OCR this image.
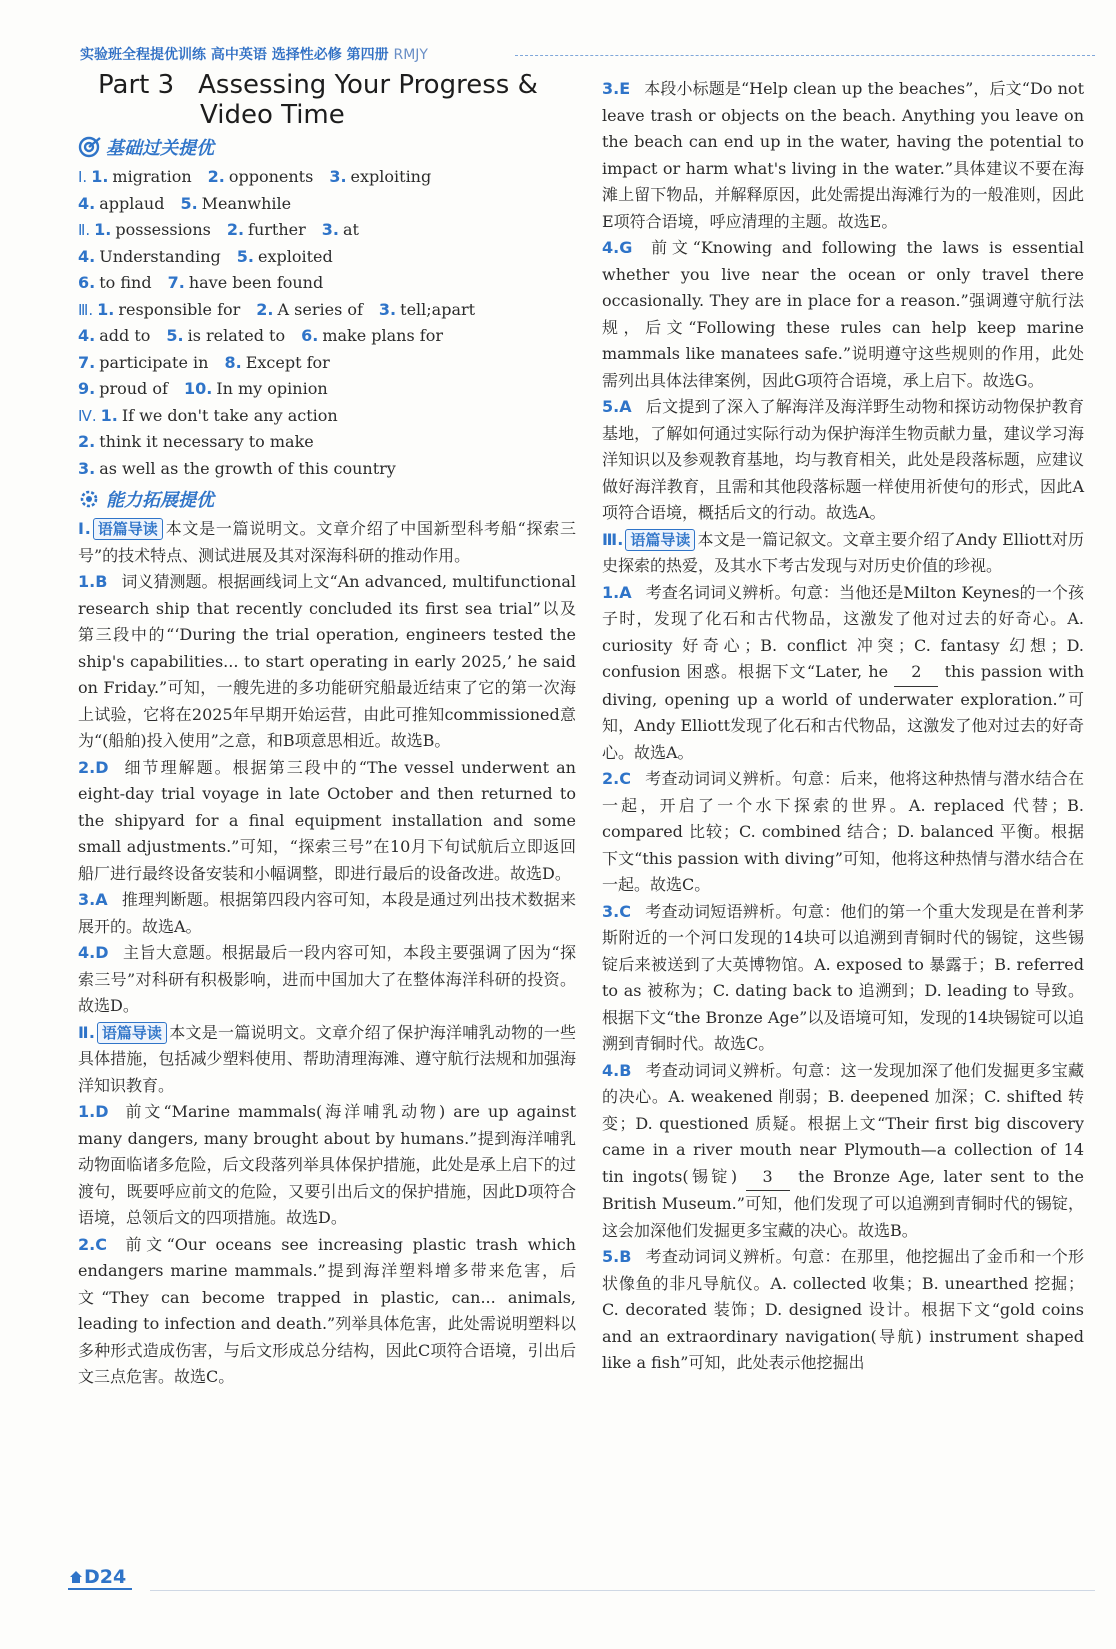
实验班全程提优训练 高中英语 选择性必修 第四册 RMJY
Part 3 Assessing Your Progress &
Video Time
基础过关提优
Ⅰ. 1. migration 2. opponents 3. exploiting
4. applaud 5. Meanwhile
Ⅱ. 1. possessions 2. further 3. at
4. Understanding 5. exploited
6. to find 7. have been found
Ⅲ. 1. responsible for 2. A series of 3. tell;apart
4. add to 5. is related to 6. make plans for
7. participate in 8. Except for
9. proud of 10. In my opinion
Ⅳ. 1. If we don't take any action
2. think it necessary to make
3. as well as the growth of this country
能力拓展提优

Ⅰ. 语篇导读 本文是一篇说明文。文章介绍了中国新型科考船“探索三号”的技术特点、测试进展及其对深海科研的推动作用。

1.B 词义猜测题。根据画线词上文“An advanced, multifunctional research ship that recently concluded its first sea trial”以及第三段中的“‘During the trial operation, engineers tested the ship's capabilities... to start operating in early 2025,’ he said on Friday.”可知，一艘先进的多功能研究船最近结束了它的第一次海上试验，它将在2025年早期开始运营，由此可推知commissioned意为“(船舶)投入使用”之意，和B项意思相近。故选B。

2.D 细节理解题。根据第三段中的“The vessel underwent an eight-day trial voyage in late October and then returned to the shipyard for a final equipment installation and some small adjustments.”可知，“探索三号”在10月下旬试航后立即返回船厂进行最终设备安装和小幅调整，即进行最后的设备改进。故选D。

3.A 推理判断题。根据第四段内容可知，本段是通过列出技术数据来展开的。故选A。

4.D 主旨大意题。根据最后一段内容可知，本段主要强调了因为“探索三号”对科研有积极影响，进而中国加大了在整体海洋科研的投资。故选D。

Ⅱ. 语篇导读 本文是一篇说明文。文章介绍了保护海洋哺乳动物的一些具体措施，包括减少塑料使用、帮助清理海滩、遵守航行法规和加强海洋知识教育。

1.D 前文“Marine mammals(海洋哺乳动物) are up against many dangers, many brought about by humans.”提到海洋哺乳动物面临诸多危险，后文段落列举具体保护措施，此处是承上启下的过渡句，既要呼应前文的危险，又要引出后文的保护措施，因此D项符合语境，总领后文的四项措施。故选D。

2.C 前文“Our oceans see increasing plastic trash which endangers marine mammals.”提到海洋塑料增多带来危害，后文“They can become trapped in plastic, can... animals, leading to infection and death.”列举具体危害，此处需说明塑料以多种形式造成伤害，与后文形成总分结构，因此C项符合语境，引出后文三点危害。故选C。

3.E 本段小标题是“Help clean up the beaches”，后文“Do not leave trash or objects on the beach. Anything you leave on the beach can end up in the water, having the potential to impact or harm what's living in the water.”具体建议不要在海滩上留下物品，并解释原因，此处需提出海滩行为的一般准则，因此E项符合语境，呼应清理的主题。故选E。

4.G 前文“Knowing and following the laws is essential whether you live near the ocean or only travel there occasionally. They are in place for a reason.”强调遵守航行法规，后文“Following these rules can help keep marine mammals like manatees safe.”说明遵守这些规则的作用，此处需列出具体法律案例，因此G项符合语境，承上启下。故选G。

5.A 后文提到了深入了解海洋及海洋野生动物和探访动物保护教育基地，了解如何通过实际行动为保护海洋生物贡献力量，建议学习海洋知识以及参观教育基地，均与教育相关，此处是段落标题，应建议做好海洋教育，且需和其他段落标题一样使用祈使句的形式，因此A项符合语境，概括后文的行动。故选A。

Ⅲ. 语篇导读 本文是一篇记叙文。文章主要介绍了Andy Elliott对历史探索的热爱，及其水下考古发现与对历史价值的珍视。

1.A 考查名词词义辨析。句意：当他还是Milton Keynes的一个孩子时，发现了化石和古代物品，这激发了他对过去的好奇心。A. curiosity 好奇心；B. conflict 冲突；C. fantasy 幻想；D. confusion 困惑。根据下文“Later, he 2 this passion with diving, opening up a world of underwater exploration.”可知，Andy Elliott发现了化石和古代物品，这激发了他对过去的好奇心。故选A。

2.C 考查动词词义辨析。句意：后来，他将这种热情与潜水结合在一起，开启了一个水下探索的世界。A. replaced 代替；B. compared 比较；C. combined 结合；D. balanced 平衡。根据下文“this passion with diving”可知，他将这种热情与潜水结合在一起。故选C。

3.C 考查动词短语辨析。句意：他们的第一个重大发现是在普利茅斯附近的一个河口发现的14块可以追溯到青铜时代的锡锭，这些锡锭后来被送到了大英博物馆。A. exposed to 暴露于；B. referred to as 被称为；C. dating back to 追溯到；D. leading to 导致。根据下文“the Bronze Age”以及语境可知，发现的14块锡锭可以追溯到青铜时代。故选C。

4.B 考查动词词义辨析。句意：这一发现加深了他们发掘更多宝藏的决心。A. weakened 削弱；B. deepened 加深；C. shifted 转变；D. questioned 质疑。根据上文“Their first big discovery came in a river mouth near Plymouth—a collection of 14 tin ingots(锡锭) 3 the Bronze Age, later sent to the British Museum.”可知，他们发现了可以追溯到青铜时代的锡锭，这会加深他们发掘更多宝藏的决心。故选B。

5.B 考查动词词义辨析。句意：在那里，他挖掘出了金币和一个形状像鱼的非凡导航仪。A. collected 收集；B. unearthed 挖掘；C. decorated 装饰；D. designed 设计。根据下文“gold coins and an extraordinary navigation(导航) instrument shaped like a fish”可知，此处表示他挖掘出

D24
